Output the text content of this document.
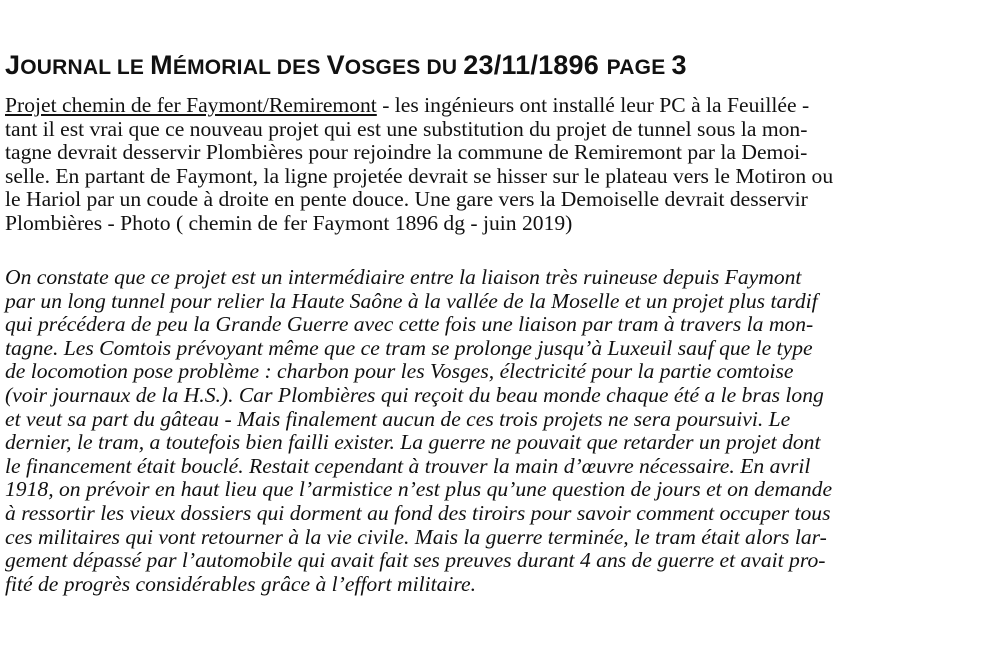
JOURNAL LE MÉMORIAL DES VOSGES DU 23/11/1896 PAGE 3
Projet chemin de fer Faymont/Remiremont - les ingénieurs ont installé leur PC à la Feuillée -
tant il est vrai que ce nouveau projet qui est une substitution du projet de tunnel sous la mon-
tagne devrait desservir Plombières pour rejoindre la commune de Remiremont par la Demoi-
selle. En partant de Faymont, la ligne projetée devrait se hisser sur le plateau vers le Motiron ou
le Hariol par un coude à droite en pente douce. Une gare vers la Demoiselle devrait desservir
Plombières - Photo ( chemin de fer Faymont 1896 dg - juin 2019)
On constate que ce projet est un intermédiaire entre la liaison très ruineuse depuis Faymont
par un long tunnel pour relier la Haute Saône à la vallée de la Moselle et un projet plus tardif
qui précédera de peu la Grande Guerre avec cette fois une liaison par tram à travers la mon-
tagne. Les Comtois prévoyant même que ce tram se prolonge jusqu’à Luxeuil sauf que le type
de locomotion pose problème : charbon pour les Vosges, électricité pour la partie comtoise
(voir journaux de la H.S.). Car Plombières qui reçoit du beau monde chaque été a le bras long
et veut sa part du gâteau - Mais finalement aucun de ces trois projets ne sera poursuivi. Le
dernier, le tram, a toutefois bien failli exister. La guerre ne pouvait que retarder un projet dont
le financement était bouclé. Restait cependant à trouver la main d’œuvre nécessaire. En avril
1918, on prévoir en haut lieu que l’armistice n’est plus qu’une question de jours et on demande
à ressortir les vieux dossiers qui dorment au fond des tiroirs pour savoir comment occuper tous
ces militaires qui vont retourner à la vie civile. Mais la guerre terminée, le tram était alors lar-
gement dépassé par l’automobile qui avait fait ses preuves durant 4 ans de guerre et avait pro-
fité de progrès considérables grâce à l’effort militaire.
